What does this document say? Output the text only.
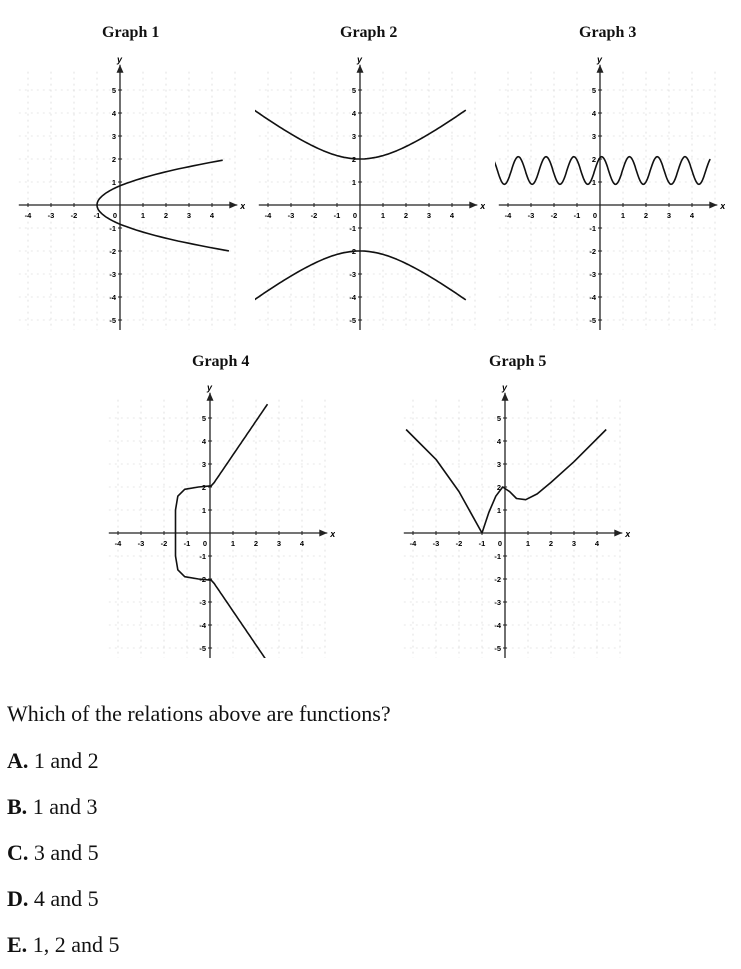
Graph 1	Graph 2	Graph 3
Graph 4	Graph 5
x
y
-4 -3 -2 -1 0	1	2	3	4
5
4
3
2
1
-1
-2
-3
-4
-5
x
y
-4 -3 -2 -1 0	1	2	3	4
5
4
3
2
1
-1
-2
-3
-4
-5
x
y
-4 -3 -2 -1 0	1	2	3	4
5
4
3
2
1
-1
-2
-3
-4
-5
x
y
-4 -3 -2 -1 0	1	2	3	4
5
4
3
2
1
-1
-2
-3
-4
-5
x
y
-4 -3 -2 -1 0	1	2	3	4
5
4
3
2
1
-1
-2
-3
-4
-5
Which of the relations above are functions?
A. 1 and 2
B. 1 and 3
C. 3 and 5
D. 4 and 5
E. 1, 2 and 5
